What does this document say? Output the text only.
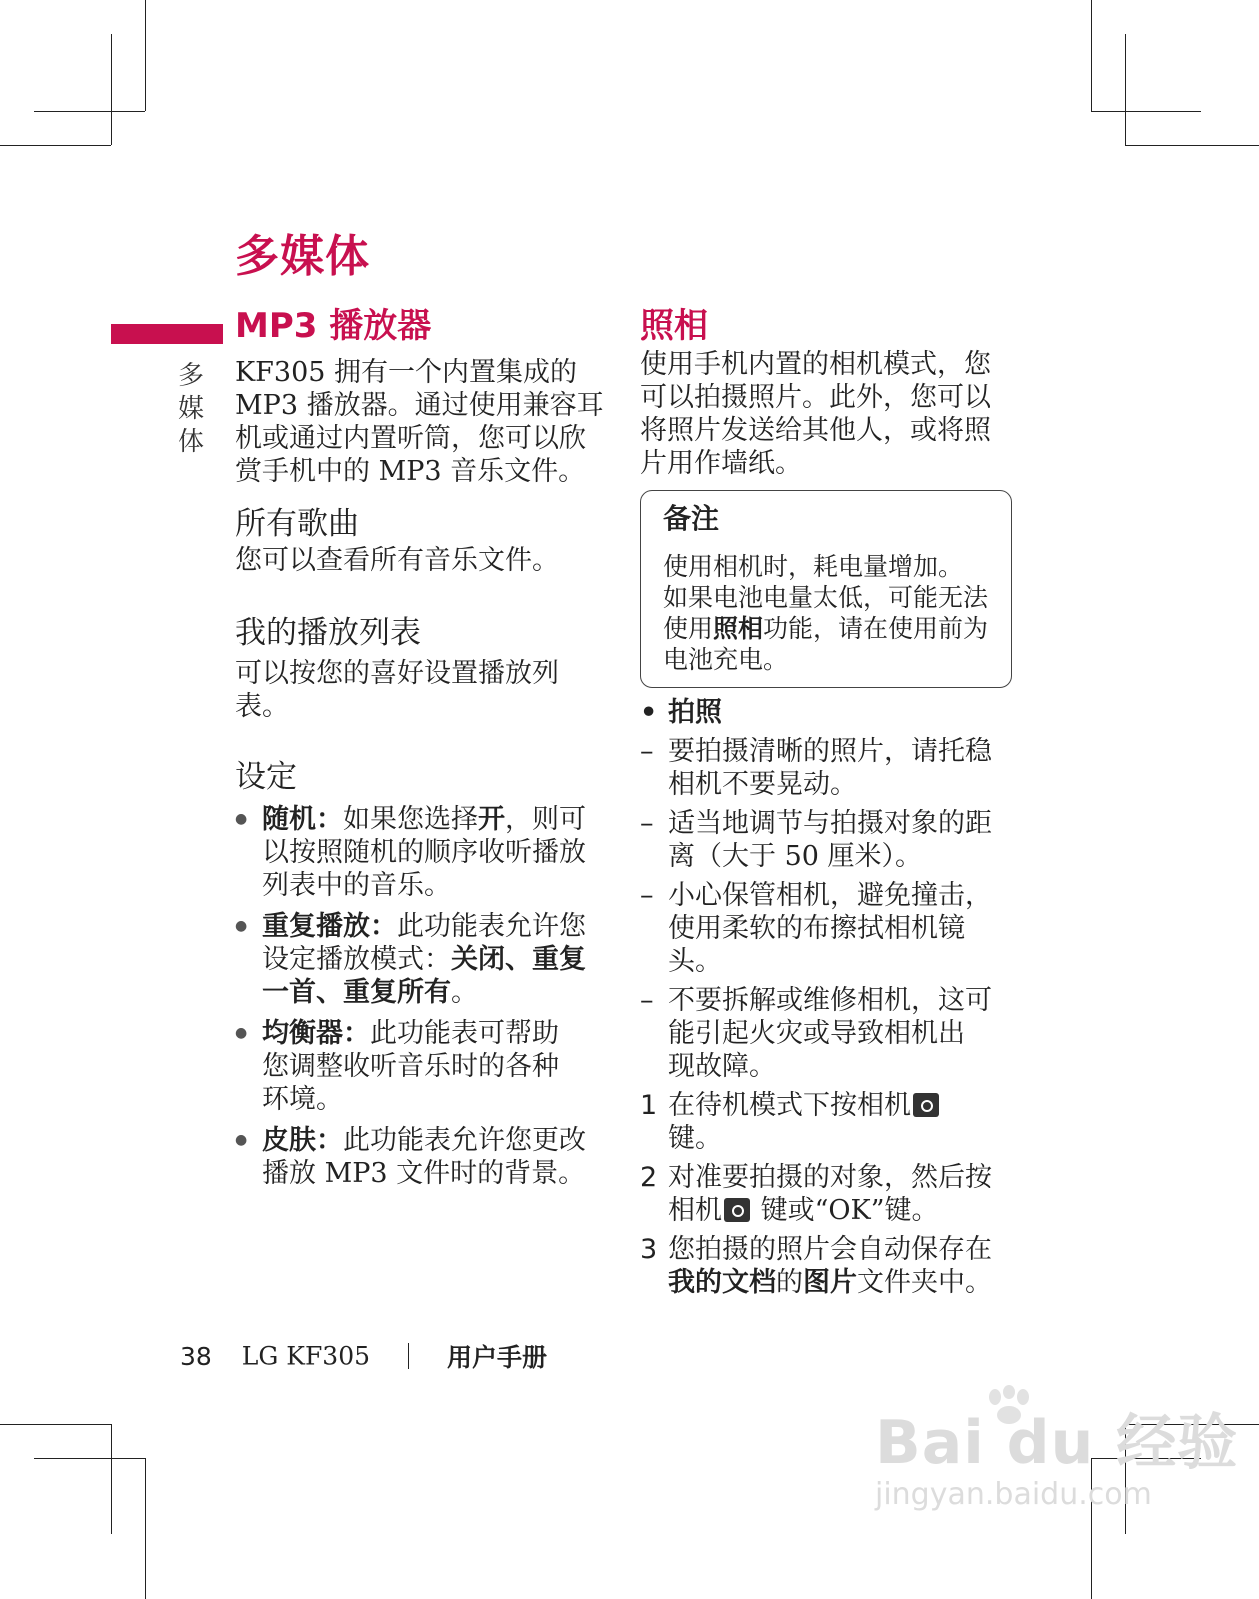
多媒体
多
媒
体
MP3 播放器

KF305 拥有一个内置集成的

MP3 播放器。通过使用兼容耳

机或通过内置听筒，您可以欣

赏手机中的 MP3 音乐文件。

所有歌曲

您可以查看所有音乐文件。

我的播放列表

可以按您的喜好设置播放列

表。

设定

● 随机：如果您选择开，则可
以按照随机的顺序收听播放
列表中的音乐。
● 重复播放：此功能表允许您
设定播放模式：关闭、重复
一首、重复所有。
● 均衡器：此功能表可帮助
您调整收听音乐时的各种
环境。
● 皮肤：此功能表允许您更改
播放 MP3 文件时的背景。
照相

使用手机内置的相机模式，您

可以拍摄照片。此外，您可以

将照片发送给其他人，或将照

片用作墙纸。

备注

使用相机时，耗电量增加。

如果电池电量太低，可能无法

使用照相功能，请在使用前为

电池充电。

• 拍照
– 要拍摄清晰的照片，请托稳
相机不要晃动。
– 适当地调节与拍摄对象的距
离（大于 50 厘米）。
– 小心保管相机，避免撞击，
使用柔软的布擦拭相机镜
头。
– 不要拆解或维修相机，这可
能引起火灾或导致相机出
现故障。
1 在待机模式下按相机
键。
2 对准要拍摄的对象，然后按
相机 键或“OK”键。
3 您拍摄的照片会自动保存在
我的文档的图片文件夹中。
38 LG KF305	用户手册
Bai du 经验
jingyan.baidu.com
